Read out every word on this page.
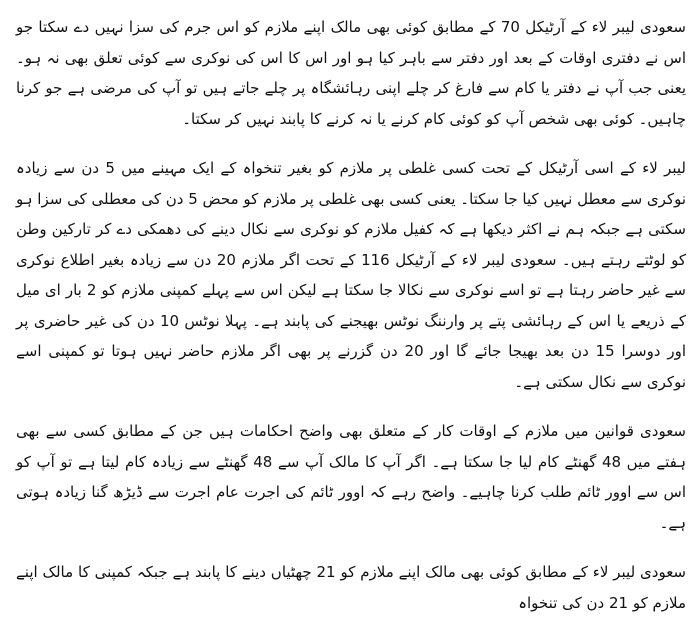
سعودی لیبر لاء کے آرٹیکل 70 کے مطابق کوئی بھی مالک اپنے ملازم کو اس جرم کی سزا نہیں دے سکتا جو اس نے دفتری اوقات کے بعد اور دفتر سے باہر کیا ہو اور اس کا اس کی نوکری سے کوئی تعلق بھی نہ ہو۔ یعنی جب آپ نے دفتر یا کام سے فارغ کر چلے اپنی رہائشگاہ پر چلے جاتے ہیں تو آپ کی مرضی ہے جو کرنا چاہیں۔ کوئی بھی شخص آپ کو کوئی کام کرنے یا نہ کرنے کا پابند نہیں کر سکتا۔

لیبر لاء کے اسی آرٹیکل کے تحت کسی غلطی پر ملازم کو بغیر تنخواہ کے ایک مہینے میں 5 دن سے زیادہ نوکری سے معطل نہیں کیا جا سکتا۔ یعنی کسی بھی غلطی پر ملازم کو محض 5 دن کی معطلی کی سزا ہو سکتی ہے جبکہ ہم نے اکثر دیکھا ہے کہ کفیل ملازم کو نوکری سے نکال دینے کی دھمکی دے کر تارکین وطن کو لوٹتے رہتے ہیں۔ سعودی لیبر لاء کے آرٹیکل 116 کے تحت اگر ملازم 20 دن سے زیادہ بغیر اطلاع نوکری سے غیر حاضر رہتا ہے تو اسے نوکری سے نکالا جا سکتا ہے لیکن اس سے پہلے کمپنی ملازم کو 2 بار ای میل کے ذریعے یا اس کے رہائشی پتے پر وارننگ نوٹس بھیجنے کی پابند ہے۔ پہلا نوٹس 10 دن کی غیر حاضری پر اور دوسرا 15 دن بعد بھیجا جائے گا اور 20 دن گزرنے پر بھی اگر ملازم حاضر نہیں ہوتا تو کمپنی اسے نوکری سے نکال سکتی ہے۔

سعودی قوانین میں ملازم کے اوقات کار کے متعلق بھی واضح احکامات ہیں جن کے مطابق کسی سے بھی ہفتے میں 48 گھنٹے کام لیا جا سکتا ہے۔ اگر آپ کا مالک آپ سے 48 گھنٹے سے زیادہ کام لیتا ہے تو آپ کو اس سے اوور ٹائم طلب کرنا چاہیے۔ واضح رہے کہ اوور ٹائم کی اجرت عام اجرت سے ڈیڑھ گنا زیادہ ہوتی ہے۔

سعودی لیبر لاء کے مطابق کوئی بھی مالک اپنے ملازم کو 21 چھٹیاں دینے کا پابند ہے جبکہ کمپنی کا مالک اپنے ملازم کو 21 دن کی تنخواہ
